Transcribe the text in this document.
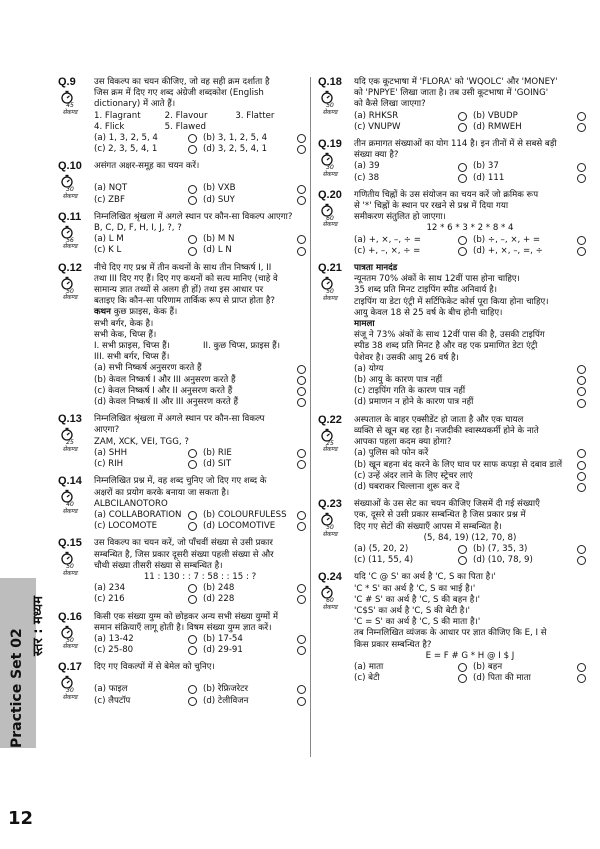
स्तर : मध्यम
Practice Set 02
12
Q.9
45 सेकण्ड
उस विकल्प का चयन कीजिए, जो वह सही क्रम दर्शाता है
जिस क्रम में दिए गए शब्द अंग्रेजी शब्दकोश (English
dictionary) में आते हैं।
1. Flagrant	2. Flavour	3. Flatter
4. Flick	5. Flawed
(a) 1, 3, 2, 5, 4	(b) 3, 1, 2, 5, 4
(c) 2, 3, 5, 4, 1	(d) 3, 2, 5, 4, 1
Q.10
30 सेकण्ड
असंगत अक्षर-समूह का चयन करें।
(a) NQT	(b) VXB
(c) ZBF	(d) SUY
Q.11
56 सेकण्ड
निम्नलिखित श्रृंखला में अगले स्थान पर कौन-सा विकल्प आएगा?
B, C, D, F, H, I, J, ?, ?
(a) L M	(b) M N
(c) K L	(d) L N
Q.12
50 सेकण्ड
नीचे दिए गए प्रश्न में तीन कथनों के साथ तीन निष्कर्ष I, II
तथा III दिए गए हैं। दिए गए कथनों को सत्य मानिए (चाहे वे
सामान्य ज्ञात तथ्यों से अलग ही हों) तथा इस आधार पर
बताइए कि कौन-सा परिणाम तार्किक रूप से प्राप्त होता है?
कथन कुछ फ्राइस, केक हैं।
सभी बर्गर, केक है।
सभी केक, चिप्स हैं।
I. सभी फ्राइस, चिप्स हैं।	II. कुछ चिप्स, फ्राइस हैं।
III. सभी बर्गर, चिप्स हैं।
(a) सभी निष्कर्ष अनुसरण करते हैं
(b) केवल निष्कर्ष I और III अनुसरण करते हैं
(c) केवल निष्कर्ष I और II अनुसरण करते हैं
(d) केवल निष्कर्ष II और III अनुसरण करते हैं
Q.13
25 सेकण्ड
निम्नलिखित श्रृंखला में अगले स्थान पर कौन-सा विकल्प
आएगा?
ZAM, XCK, VEI, TGG, ?
(a) SHH	(b) RIE
(c) RIH	(d) SIT
Q.14
40 सेकण्ड
निम्नलिखित प्रश्न में, वह शब्द चुनिए जो दिए गए शब्द के
अक्षरों का प्रयोग करके बनाया जा सकता है।
ALBCILANOTORO
(a) COLLABORATION	(b) COLOURFULESS
(c) LOCOMOTE	(d) LOCOMOTIVE
Q.15
50 सेकण्ड
उस विकल्प का चयन करें, जो पाँचवीं संख्या से उसी प्रकार
सम्बन्धित है, जिस प्रकार दूसरी संख्या पहली संख्या से और
चौथी संख्या तीसरी संख्या से सम्बन्धित है।
11 : 130 : : 7 : 58 : : 15 : ?
(a) 234	(b) 248
(c) 216	(d) 228
Q.16
50 सेकण्ड
किसी एक संख्या युग्म को छोड़कर अन्य सभी संख्या युग्मों में
समान संक्रियाएँ लागू होती है। विषम संख्या युग्म ज्ञात करें।
(a) 13-42	(b) 17-54
(c) 25-80	(d) 29-91
Q.17
30 सेकण्ड
दिए गए विकल्पों में से बेमेल को चुनिए।
(a) फाइल	(b) रेफ्रिजरेटर
(c) लैपटॉप	(d) टेलीविजन
Q.18
50 सेकण्ड
यदि एक कूटभाषा में 'FLORA' को 'WQOLC' और 'MONEY'
को 'PNPYE' लिखा जाता है। तब उसी कूटभाषा में 'GOING'
को कैसे लिखा जाएगा?
(a) RHKSR	(b) VBUDP
(c) VNUPW	(d) RMWEH
Q.19
30 सेकण्ड
तीन क्रमागत संख्याओं का योग 114 है। इन तीनों में से सबसे बड़ी
संख्या क्या है?
(a) 39	(b) 37
(c) 38	(d) 111
Q.20
60 सेकण्ड
गणितीय चिह्नों के उस संयोजन का चयन करें जो क्रमिक रूप
से '*' चिह्नों के स्थान पर रखने से प्रश्न में दिया गया
समीकरण संतुलित हो जाएगा।
12 * 6 * 3 * 2 * 8 * 4
(a) +, ×, –, ÷ =	(b) ÷, –, ×, + =
(c) +, –, ×, ÷ =	(d) +, ×, –, =, ÷
Q.21
50 सेकण्ड
पात्रता मानदंड
न्यूनतम 70% अंकों के साथ 12वीं पास होना चाहिए।
35 शब्द प्रति मिनट टाइपिंग स्पीड अनिवार्य है।
टाइपिंग या डेटा एंट्री में सर्टिफिकेट कोर्स पूरा किया होना चाहिए।
आयु केवल 18 से 25 वर्ष के बीच होनी चाहिए।
मामला
संजू ने 73% अंकों के साथ 12वीं पास की है, उसकी टाइपिंग
स्पीड 38 शब्द प्रति मिनट है और वह एक प्रमाणित डेटा एंट्री
पेशेवर है। उसकी आयु 26 वर्ष है।
(a) योग्य
(b) आयु के कारण पात्र नहीं
(c) टाइपिंग गति के कारण पात्र नहीं
(d) प्रमाणन न होने के कारण पात्र नहीं
Q.22
25 सेकण्ड
अस्पताल के बाहर एक्सीडेंट हो जाता है और एक घायल
व्यक्ति से खून बह रहा है। नजदीकी स्वास्थ्यकर्मी होने के नाते
आपका पहला कदम क्या होगा?
(a) पुलिस को फोन करें
(b) खून बहना बंद करने के लिए घाव पर साफ कपड़ा से दबाव डालें
(c) उन्हें अंदर लाने के लिए स्ट्रेचर लाएं
(d) घबराकर चिल्लाना शुरू कर दें
Q.23
50 सेकण्ड
संख्याओं के उस सेट का चयन कीजिए जिसमें दी गई संख्याएँ
एक, दूसरे से उसी प्रकार सम्बन्धित है जिस प्रकार प्रश्न में
दिए गए सेटों की संख्याएँ आपस में सम्बन्धित है।
(5, 84, 19) (12, 70, 8)
(a) (5, 20, 2)	(b) (7, 35, 3)
(c) (11, 55, 4)	(d) (10, 78, 9)
Q.24
60 सेकण्ड
यदि 'C @ S' का अर्थ है 'C, S का पिता है।'
'C * S' का अर्थ है 'C, S का भाई है।'
'C # S' का अर्थ है 'C, S की बहन है।'
'C$S' का अर्थ है 'C, S की बेटी है।'
'C = S' का अर्थ है 'C, S की माता है।'
तब निम्नलिखित व्यंजक के आधार पर ज्ञात कीजिए कि E, I से
किस प्रकार सम्बन्धित है?
E = F # G * H @ I $ J
(a) माता	(b) बहन
(c) बेटी	(d) पिता की माता
